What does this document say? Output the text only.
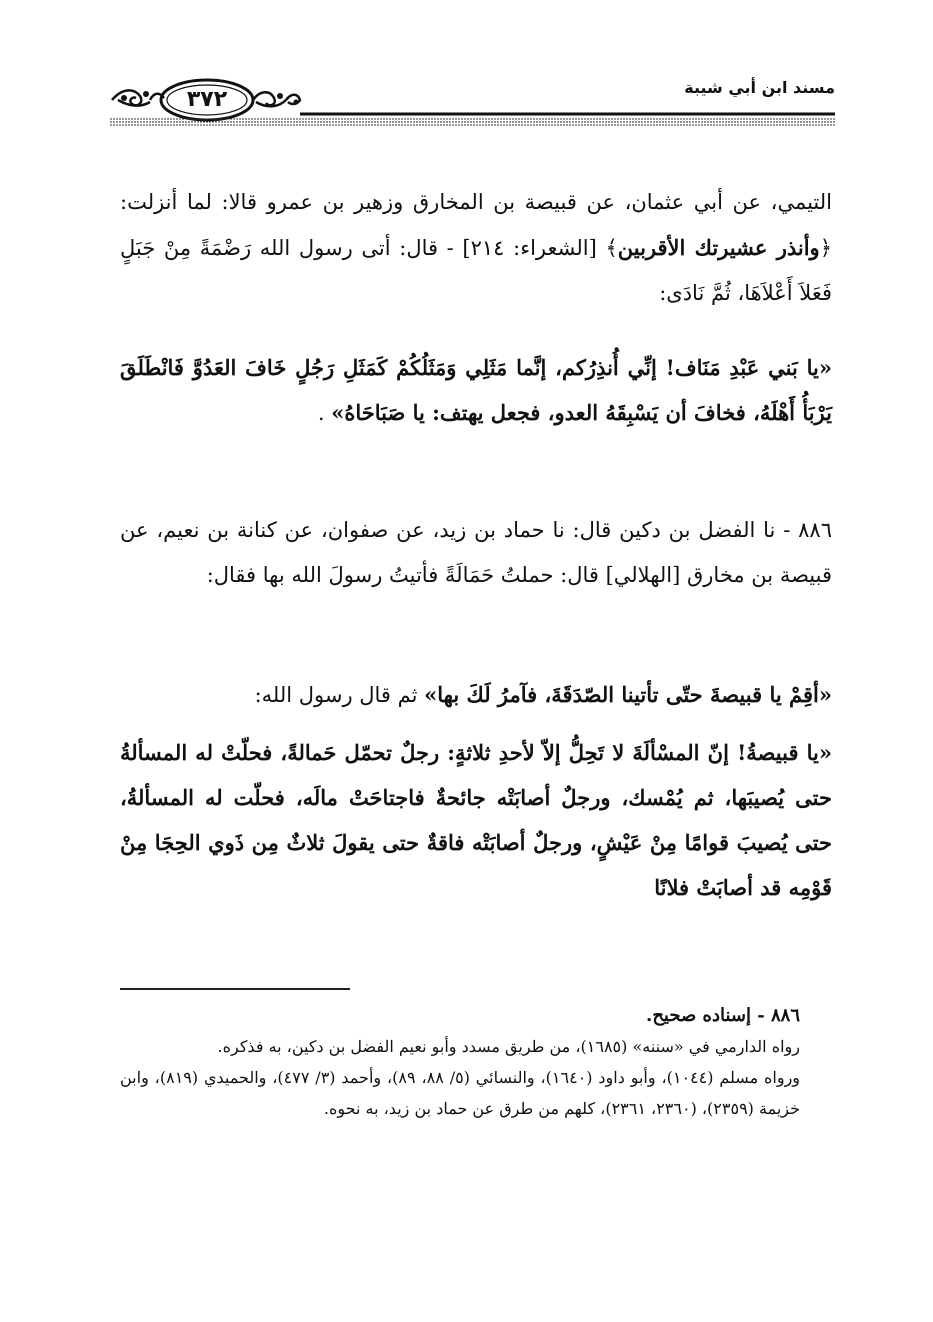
٣٧٢	مسند ابن أبي شيبة

التيمي، عن أبي عثمان، عن قبيصة بن المخارق وزهير بن عمرو قالا: لما أنزلت: ﴿وأنذر عشيرتك الأقربين﴾ [الشعراء: ٢١٤] - قال: أتى رسول الله رَضْمَةً مِنْ جَبَلٍ فَعَلاَ أَعْلاَهَا، ثُمَّ نَادَى:

«يا بَني عَبْدِ مَنَاف! إنِّي أُنذِرُكم، إنَّما مَثَلِي وَمَثَلُكُمْ كَمَثَلِ رَجُلٍ خَافَ العَدُوَّ فَانْطَلَقَ يَرْبَأُ أَهْلَهُ، فخافَ أن يَسْبِقَهُ العدو، فجعل يهتف: يا صَبَاحَاهُ» .

٨٨٦ - نا الفضل بن دكين قال: نا حماد بن زيد، عن صفوان، عن كنانة بن نعيم، عن قبيصة بن مخارق [الهلالي] قال: حملتُ حَمَالَةً فأتيتُ رسولَ الله بها فقال:

«أقِمْ يا قبيصةَ حتّى تأتينا الصّدَقَةَ، فآمرُ لَكَ بها» ثم قال رسول الله:

«يا قبيصةُ! إنّ المسْألَةَ لا تَحِلُّ إلاّ لأحدِ ثلاثةٍ: رجلٌ تحمّل حَمالةً، فحلّتْ له المسألةُ حتى يُصيبَها، ثم يُمْسك، ورجلٌ أصابَتْه جائحةٌ فاجتاحَتْ مالَه، فحلّت له المسألةُ، حتى يُصيبَ قوامًا مِنْ عَيْشٍ، ورجلٌ أصابَتْه فاقةٌ حتى يقولَ ثلاثٌ مِن ذَوي الحِجَا مِنْ قَوْمِه قد أصابَتْ فلانًا

٨٨٦ - إسناده صحيح.
رواه الدارمي في «سننه» (١٦٨٥)، من طريق مسدد وأبو نعيم الفضل بن دكين، به فذكره.
ورواه مسلم (١٠٤٤)، وأبو داود (١٦٤٠)، والنسائي (٥/ ٨٨، ٨٩)، وأحمد (٣/ ٤٧٧)، والحميدي (٨١٩)، وابن خزيمة (٢٣٥٩)، (٢٣٦٠، ٢٣٦١)، كلهم من طرق عن حماد بن زيد، به نحوه.
